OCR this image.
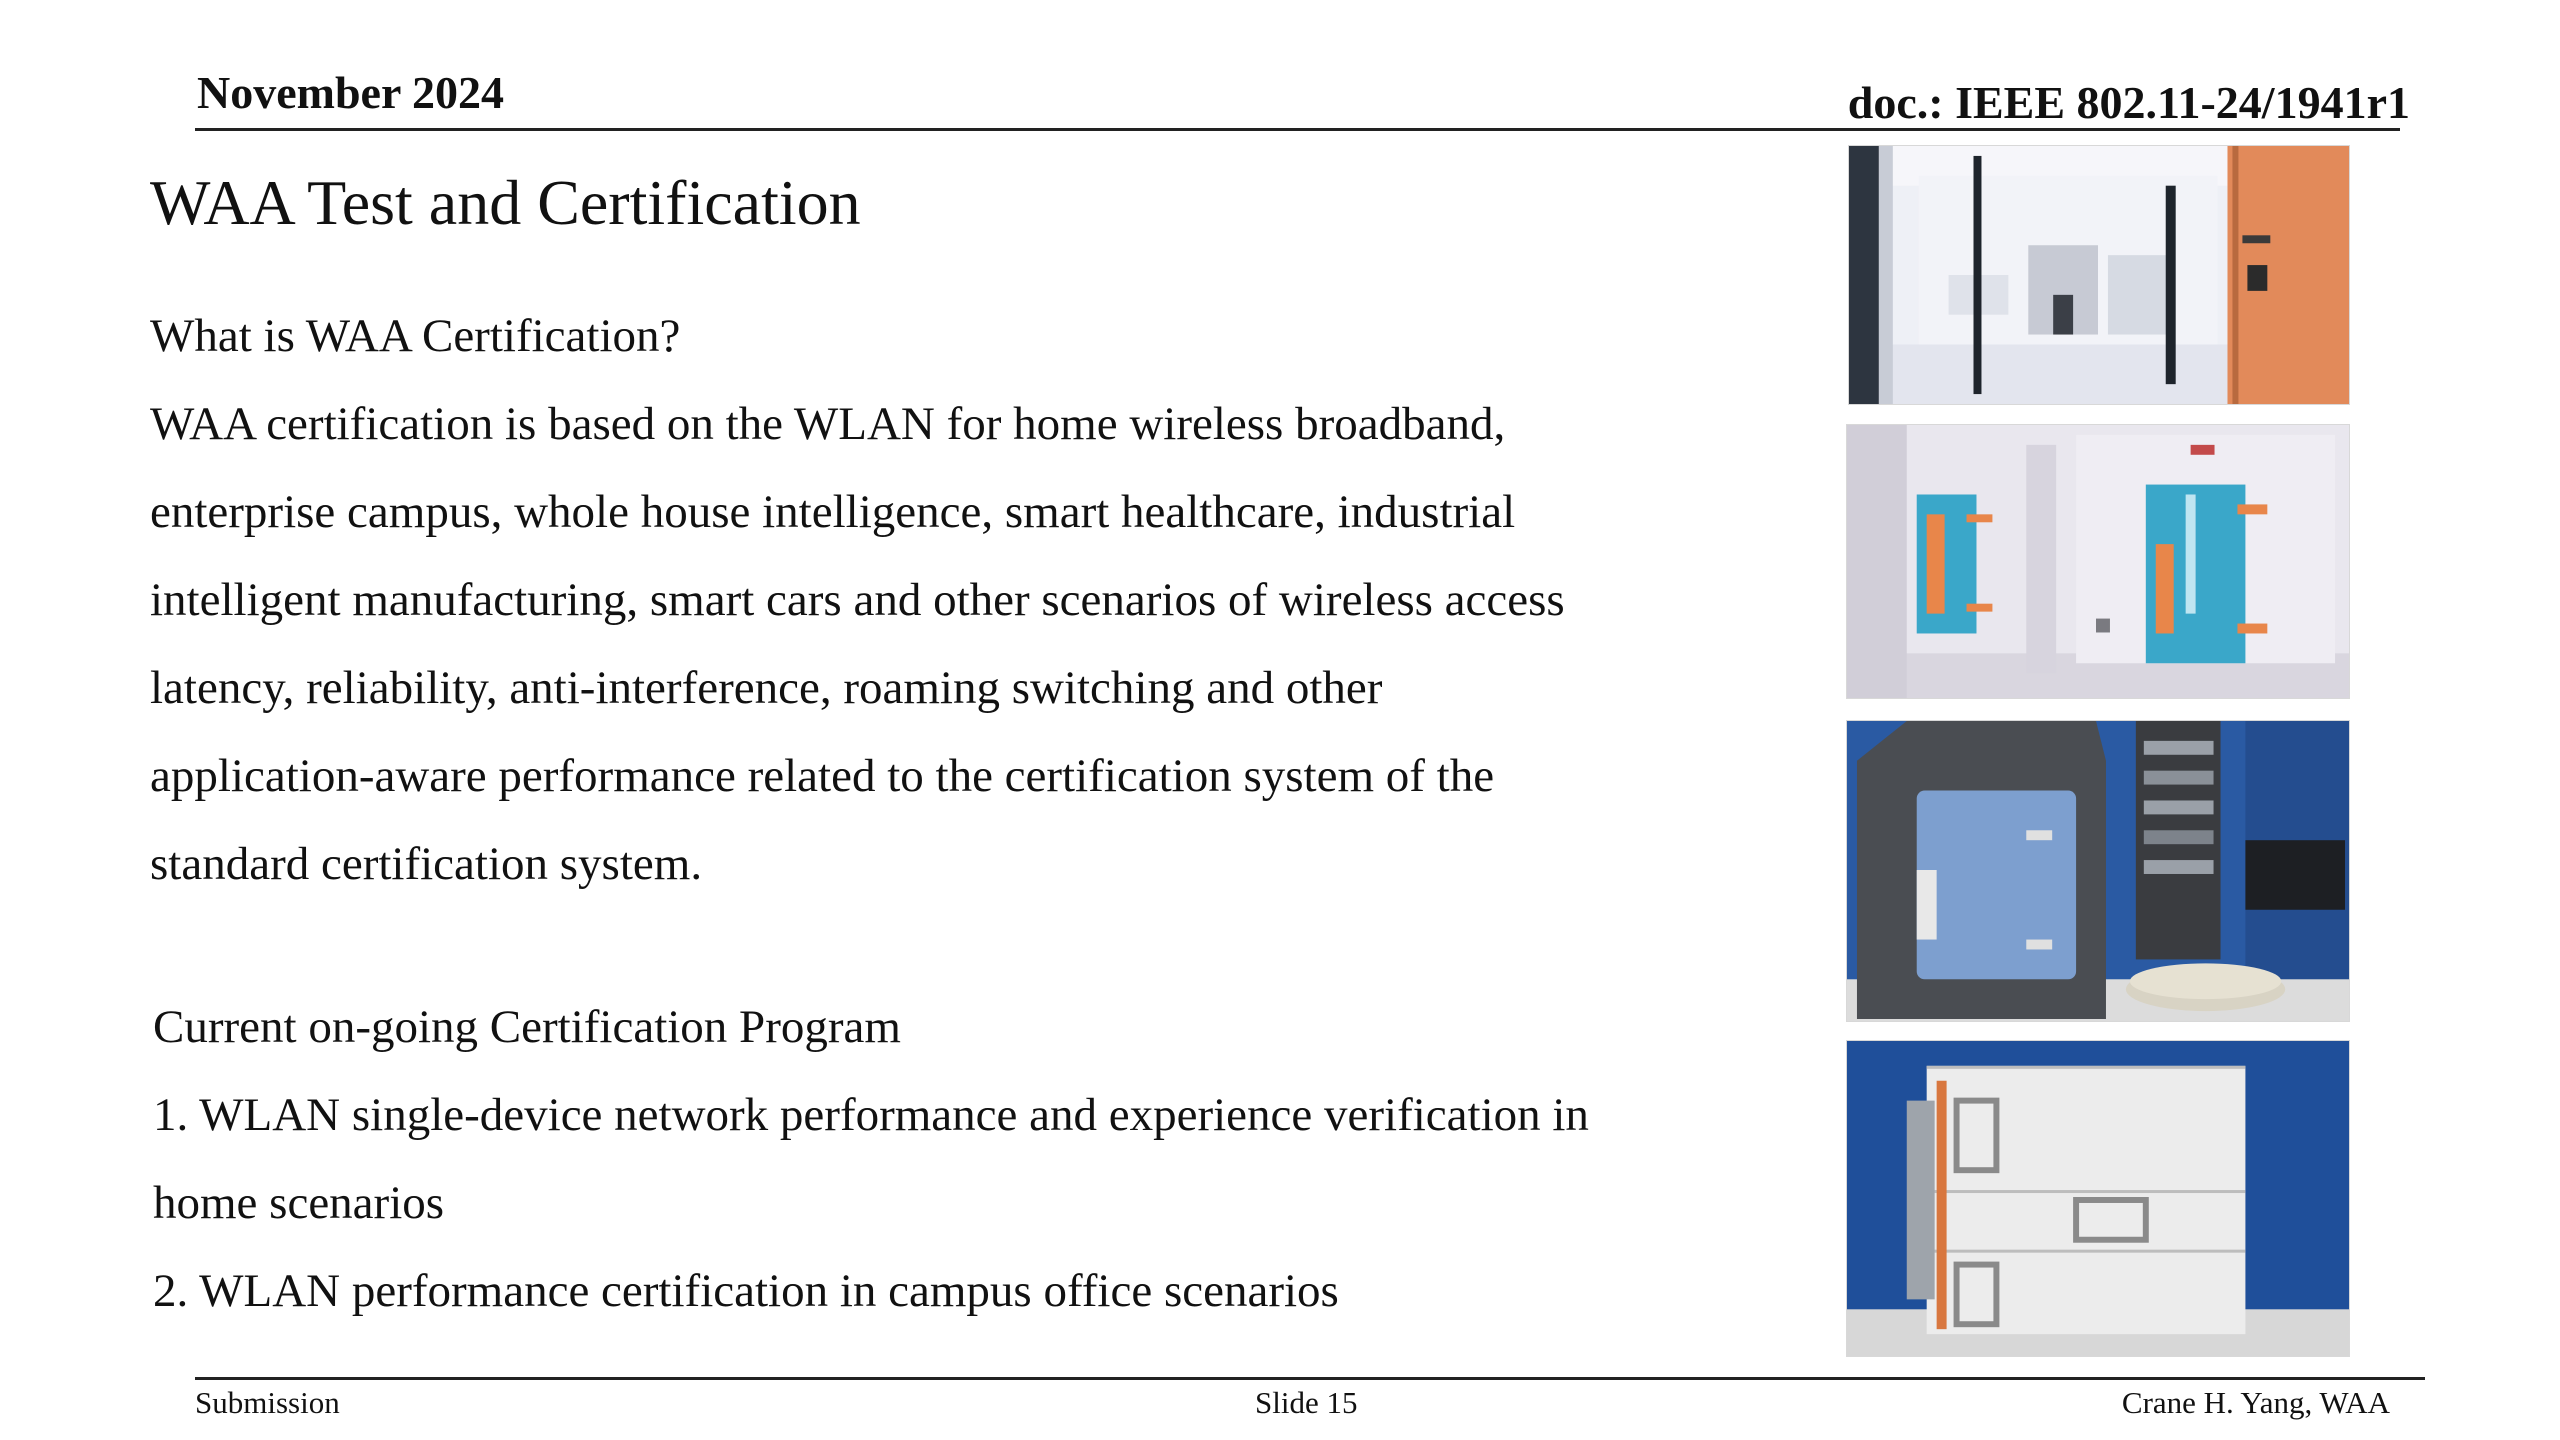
November 2024	doc.: IEEE 802.11-24/1941r1
WAA Test and Certification

What is WAA Certification?

WAA certification is based on the WLAN for home wireless broadband,

enterprise campus, whole house intelligence, smart healthcare, industrial

intelligent manufacturing, smart cars and other scenarios of wireless access

latency, reliability, anti-interference, roaming switching and other

application-aware performance related to the certification system of the

standard certification system.

Current on-going Certification Program

1. WLAN single-device network performance and experience verification in

home scenarios

2. WLAN performance certification in campus office scenarios

Submission	Slide 15	Crane H. Yang, WAA
